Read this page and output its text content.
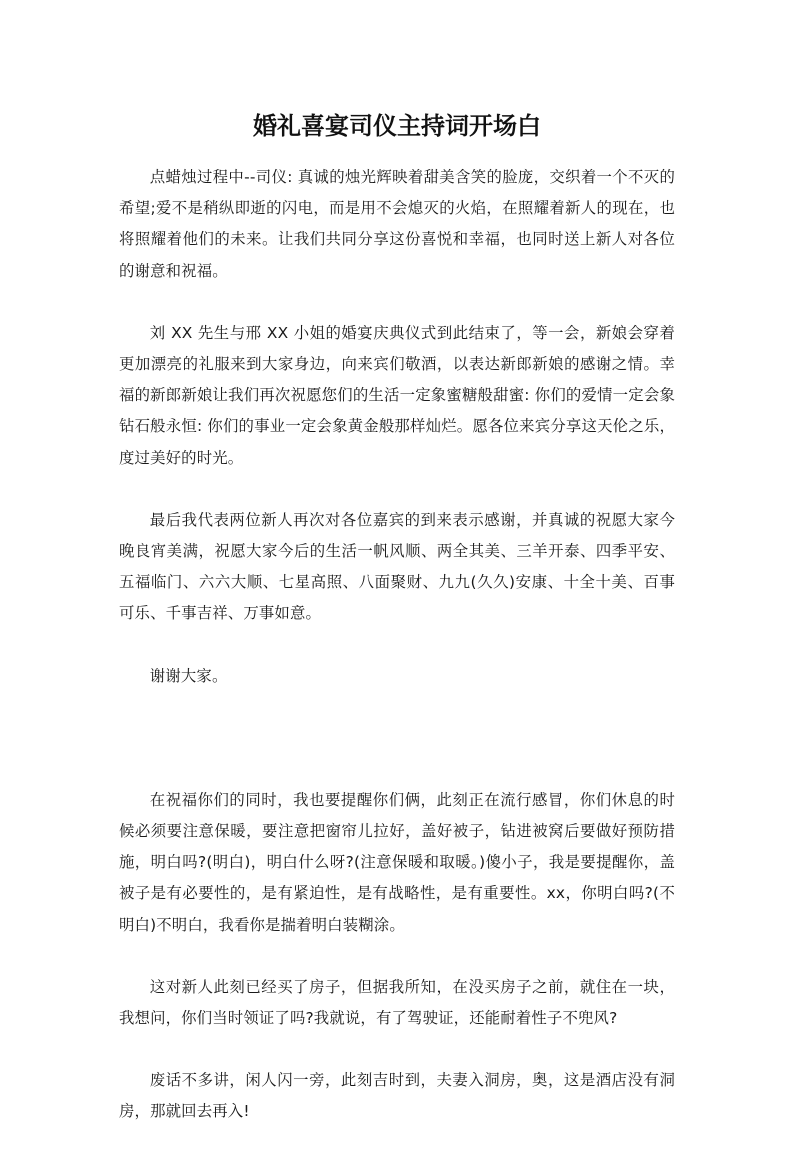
婚礼喜宴司仪主持词开场白

点蜡烛过程中--司仪: 真诚的烛光辉映着甜美含笑的脸庞，交织着一个不灭的希望;爱不是稍纵即逝的闪电，而是用不会熄灭的火焰，在照耀着新人的现在，也将照耀着他们的未来。让我们共同分享这份喜悦和幸福，也同时送上新人对各位的谢意和祝福。

刘 XX 先生与邢 XX 小姐的婚宴庆典仪式到此结束了，等一会，新娘会穿着更加漂亮的礼服来到大家身边，向来宾们敬酒，以表达新郎新娘的感谢之情。幸福的新郎新娘让我们再次祝愿您们的生活一定象蜜糖般甜蜜: 你们的爱情一定会象钻石般永恒: 你们的事业一定会象黄金般那样灿烂。愿各位来宾分享这天伦之乐，度过美好的时光。

最后我代表两位新人再次对各位嘉宾的到来表示感谢，并真诚的祝愿大家今晚良宵美满，祝愿大家今后的生活一帆风顺、两全其美、三羊开泰、四季平安、五福临门、六六大顺、七星高照、八面聚财、九九(久久)安康、十全十美、百事可乐、千事吉祥、万事如意。

谢谢大家。

在祝福你们的同时，我也要提醒你们俩，此刻正在流行感冒，你们休息的时候必须要注意保暖，要注意把窗帘儿拉好，盖好被子，钻进被窝后要做好预防措施，明白吗?(明白)，明白什么呀?(注意保暖和取暖。)傻小子，我是要提醒你，盖被子是有必要性的，是有紧迫性，是有战略性，是有重要性。xx，你明白吗?(不明白)不明白，我看你是揣着明白装糊涂。

这对新人此刻已经买了房子，但据我所知，在没买房子之前，就住在一块，我想问，你们当时领证了吗?我就说，有了驾驶证，还能耐着性子不兜风?

废话不多讲，闲人闪一旁，此刻吉时到，夫妻入洞房，奥，这是酒店没有洞房，那就回去再入!
